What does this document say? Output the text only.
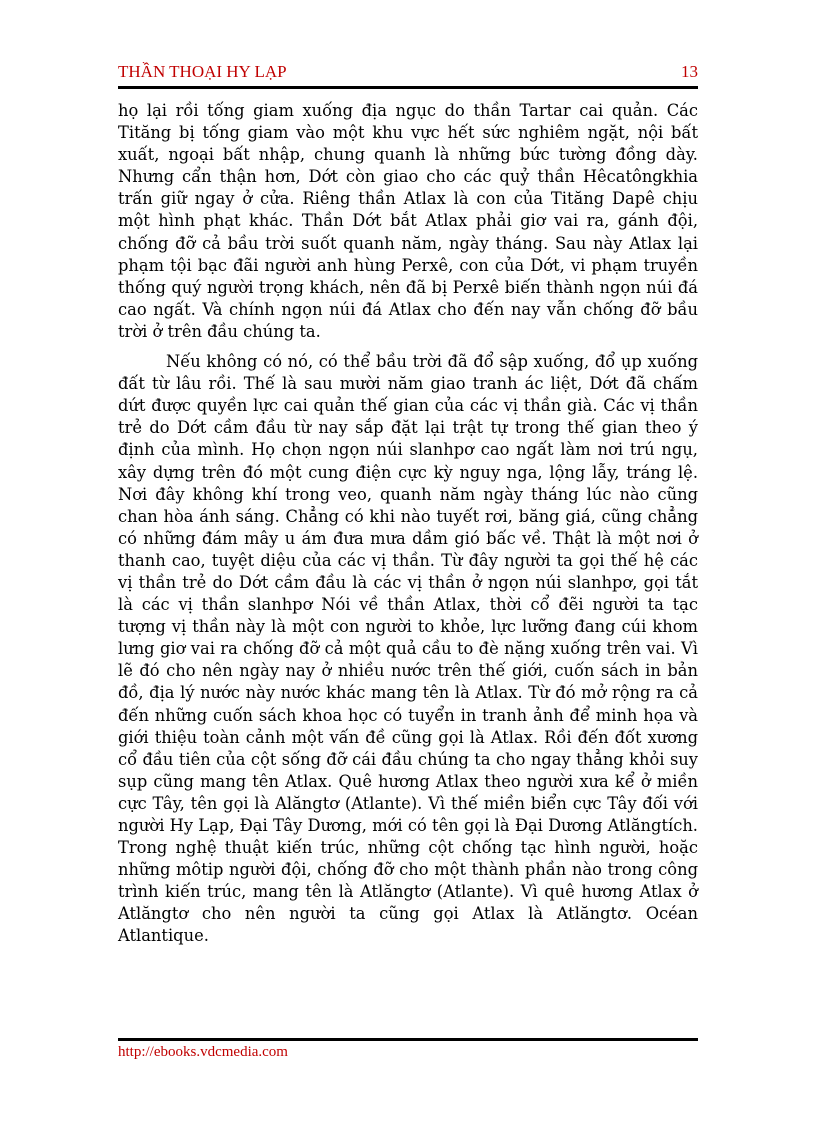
THẦN THOẠI HY LẠP	13

họ lại rồi tống giam xuống địa ngục do thần Tartar cai quản. Các Tităng bị tống giam vào một khu vực hết sức nghiêm ngặt, nội bất xuất, ngoại bất nhập, chung quanh là những bức tường đồng dày. Nhưng cẩn thận hơn, Dớt còn giao cho các quỷ thần Hêcatôngkhia trấn giữ ngay ở cửa. Riêng thần Atlax là con của Tităng Dapê chịu một hình phạt khác. Thần Dớt bắt Atlax phải giơ vai ra, gánh đội, chống đỡ cả bầu trời suốt quanh năm, ngày tháng. Sau này Atlax lại phạm tội bạc đãi người anh hùng Perxê, con của Dớt, vi phạm truyền thống quý người trọng khách, nên đã bị Perxê biến thành ngọn núi đá cao ngất. Và chính ngọn núi đá Atlax cho đến nay vẫn chống đỡ bầu trời ở trên đầu chúng ta.

Nếu không có nó, có thể bầu trời đã đổ sập xuống, đổ ụp xuống đất từ lâu rồi. Thế là sau mười năm giao tranh ác liệt, Dớt đã chấm dứt được quyền lực cai quản thế gian của các vị thần già. Các vị thần trẻ do Dớt cầm đầu từ nay sắp đặt lại trật tự trong thế gian theo ý định của mình. Họ chọn ngọn núi slanhpơ cao ngất làm nơi trú ngụ, xây dựng trên đó một cung điện cực kỳ nguy nga, lộng lẫy, tráng lệ. Nơi đây không khí trong veo, quanh năm ngày tháng lúc nào cũng chan hòa ánh sáng. Chẳng có khi nào tuyết rơi, băng giá, cũng chẳng có những đám mây u ám đưa mưa dầm gió bấc về. Thật là một nơi ở thanh cao, tuyệt diệu của các vị thần. Từ đây người ta gọi thế hệ các vị thần trẻ do Dớt cầm đầu là các vị thần ở ngọn núi slanhpơ, gọi tắt là các vị thần slanhpơ Nói về thần Atlax, thời cổ đẽi người ta tạc tượng vị thần này là một con người to khỏe, lực lưỡng đang cúi khom lưng giơ vai ra chống đỡ cả một quả cầu to đè nặng xuống trên vai. Vì lẽ đó cho nên ngày nay ở nhiều nước trên thế giới, cuốn sách in bản đồ, địa lý nước này nước khác mang tên là Atlax. Từ đó mở rộng ra cả đến những cuốn sách khoa học có tuyển in tranh ảnh để minh họa và giới thiệu toàn cảnh một vấn đề cũng gọi là Atlax. Rồi đến đốt xương cổ đầu tiên của cột sống đỡ cái đầu chúng ta cho ngay thẳng khỏi suy sụp cũng mang tên Atlax. Quê hương Atlax theo người xưa kể ở miền cực Tây, tên gọi là Alăngtơ (Atlante). Vì thế miền biển cực Tây đối với người Hy Lạp, Đại Tây Dương, mới có tên gọi là Đại Dương Atlăngtích. Trong nghệ thuật kiến trúc, những cột chống tạc hình người, hoặc những môtip người đội, chống đỡ cho một thành phần nào trong công trình kiến trúc, mang tên là Atlăngtơ (Atlante). Vì quê hương Atlax ở Atlăngtơ cho nên người ta cũng gọi Atlax là Atlăngtơ. Océan Atlantique.

http://ebooks.vdcmedia.com
